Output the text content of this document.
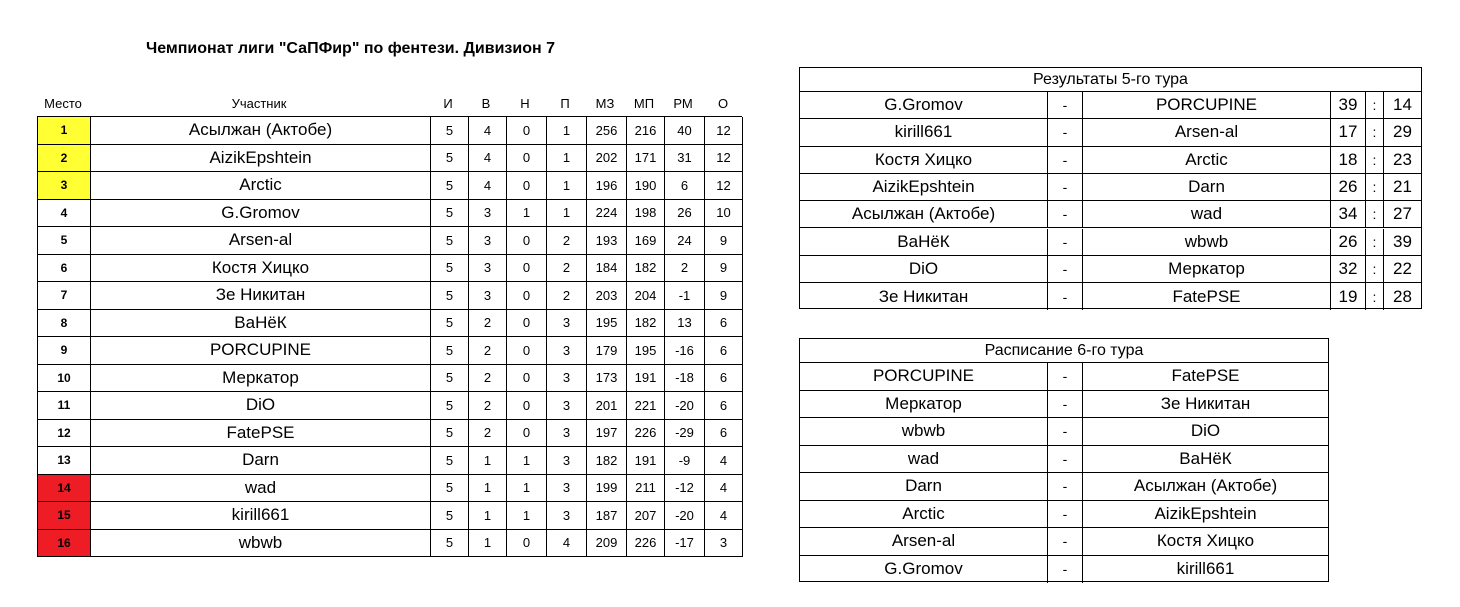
Чемпионат лиги "СаПФир" по фентези. Дивизион 7
Место	Участник	И	В	Н	П	МЗ	МП	РМ	О
1	Асылжан (Актобе)	5	4	0	1	256	216	40	12
2	AizikEpshtein	5	4	0	1	202	171	31	12
3	Arctic	5	4	0	1	196	190	6	12
4	G.Gromov	5	3	1	1	224	198	26	10
5	Arsen-al	5	3	0	2	193	169	24	9
6	Костя Хицко	5	3	0	2	184	182	2	9
7	Зе Никитан	5	3	0	2	203	204	-1	9
8	ВаНёК	5	2	0	3	195	182	13	6
9	PORCUPINE	5	2	0	3	179	195	-16	6
10	Меркатор	5	2	0	3	173	191	-18	6
11	DiO	5	2	0	3	201	221	-20	6
12	FatePSE	5	2	0	3	197	226	-29	6
13	Darn	5	1	1	3	182	191	-9	4
14	wad	5	1	1	3	199	211	-12	4
15	kirill661	5	1	1	3	187	207	-20	4
16	wbwb	5	1	0	4	209	226	-17	3
Результаты 5-го тура
G.Gromov	-	PORCUPINE	39	: 14
kirill661	-	Arsen-al	17	: 29
Костя Хицко	-	Arctic	18	: 23
AizikEpshtein	-	Darn	26	: 21
Асылжан (Актобе)	-	wad	34	: 27
ВаНёК	-	wbwb	26	: 39
DiO	-	Меркатор	32	: 22
Зе Никитан	-	FatePSE	19	: 28
Расписание 6-го тура
PORCUPINE	-	FatePSE
Меркатор	-	Зе Никитан
wbwb	-	DiO
wad	-	ВаНёК
Darn	-	Асылжан (Актобе)
Arctic	-	AizikEpshtein
Arsen-al	-	Костя Хицко
G.Gromov	-	kirill661
